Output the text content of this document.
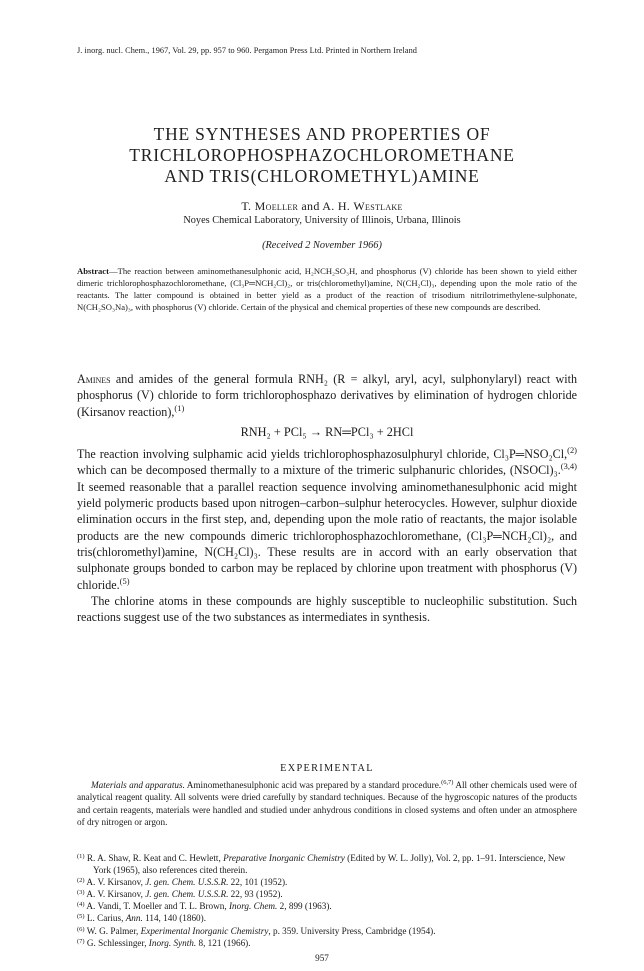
J. inorg. nucl. Chem., 1967, Vol. 29, pp. 957 to 960. Pergamon Press Ltd. Printed in Northern Ireland
THE SYNTHESES AND PROPERTIES OF
TRICHLOROPHOSPHAZOCHLOROMETHANE
AND TRIS(CHLOROMETHYL)AMINE
T. Moeller and A. H. Westlake
Noyes Chemical Laboratory, University of Illinois, Urbana, Illinois
(Received 2 November 1966)
Abstract—The reaction between aminomethanesulphonic acid, H₂NCH₂SO₃H, and phosphorus (V) chloride has been shown to yield either dimeric trichlorophosphazochloromethane, (Cl₃P═NCH₂Cl)₂, or tris(chloromethyl)amine, N(CH₂Cl)₃, depending upon the mole ratio of the reactants. The latter compound is obtained in better yield as a product of the reaction of trisodium nitrilotrimethylene-sulphonate, N(CH₂SO₃Na)₃, with phosphorus (V) chloride. Certain of the physical and chemical properties of these new compounds are described.

Amines and amides of the general formula RNH₂ (R = alkyl, aryl, acyl, sulphonylaryl) react with phosphorus (V) chloride to form trichlorophosphazo derivatives by elimination of hydrogen chloride (Kirsanov reaction),$^{(1)}$

RNH₂ + PCl₅ → RN═PCl₃ + 2HCl

The reaction involving sulphamic acid yields trichlorophosphazosulphuryl chloride, Cl₃P═NSO₂Cl,$^{(2)}$ which can be decomposed thermally to a mixture of the trimeric sulphanuric chlorides, (NSOCl)₃.$^{(3,4)}$ It seemed reasonable that a parallel reaction sequence involving aminomethanesulphonic acid might yield polymeric products based upon nitrogen–carbon–sulphur heterocycles. However, sulphur dioxide elimination occurs in the first step, and, depending upon the mole ratio of reactants, the major isolable products are the new compounds dimeric trichlorophosphazochloromethane, (Cl₃P═NCH₂Cl)₂, and tris(chloromethyl)amine, N(CH₂Cl)₃. These results are in accord with an early observation that sulphonate groups bonded to carbon may be replaced by chlorine upon treatment with phosphorus (V) chloride.$^{(5)}$

The chlorine atoms in these compounds are highly susceptible to nucleophilic substitution. Such reactions suggest use of the two substances as intermediates in synthesis.

EXPERIMENTAL

Materials and apparatus. Aminomethanesulphonic acid was prepared by a standard procedure.$^{(6,7)}$ All other chemicals used were of analytical reagent quality. All solvents were dried carefully by standard techniques. Because of the hygroscopic natures of the products and certain reagents, materials were handled and studied under anhydrous conditions in closed systems and often under an atmosphere of dry nitrogen or argon.

$^{(1)}$ R. A. Shaw, R. Keat and C. Hewlett, Preparative Inorganic Chemistry (Edited by W. L. Jolly), Vol. 2, pp. 1–91. Interscience, New York (1965), also references cited therein.
$^{(2)}$ A. V. Kirsanov, J. gen. Chem. U.S.S.R. 22, 101 (1952).
$^{(3)}$ A. V. Kirsanov, J. gen. Chem. U.S.S.R. 22, 93 (1952).
$^{(4)}$ A. Vandi, T. Moeller and T. L. Brown, Inorg. Chem. 2, 899 (1963).
$^{(5)}$ L. Carius, Ann. 114, 140 (1860).
$^{(6)}$ W. G. Palmer, Experimental Inorganic Chemistry, p. 359. University Press, Cambridge (1954).
$^{(7)}$ G. Schlessinger, Inorg. Synth. 8, 121 (1966).
957
